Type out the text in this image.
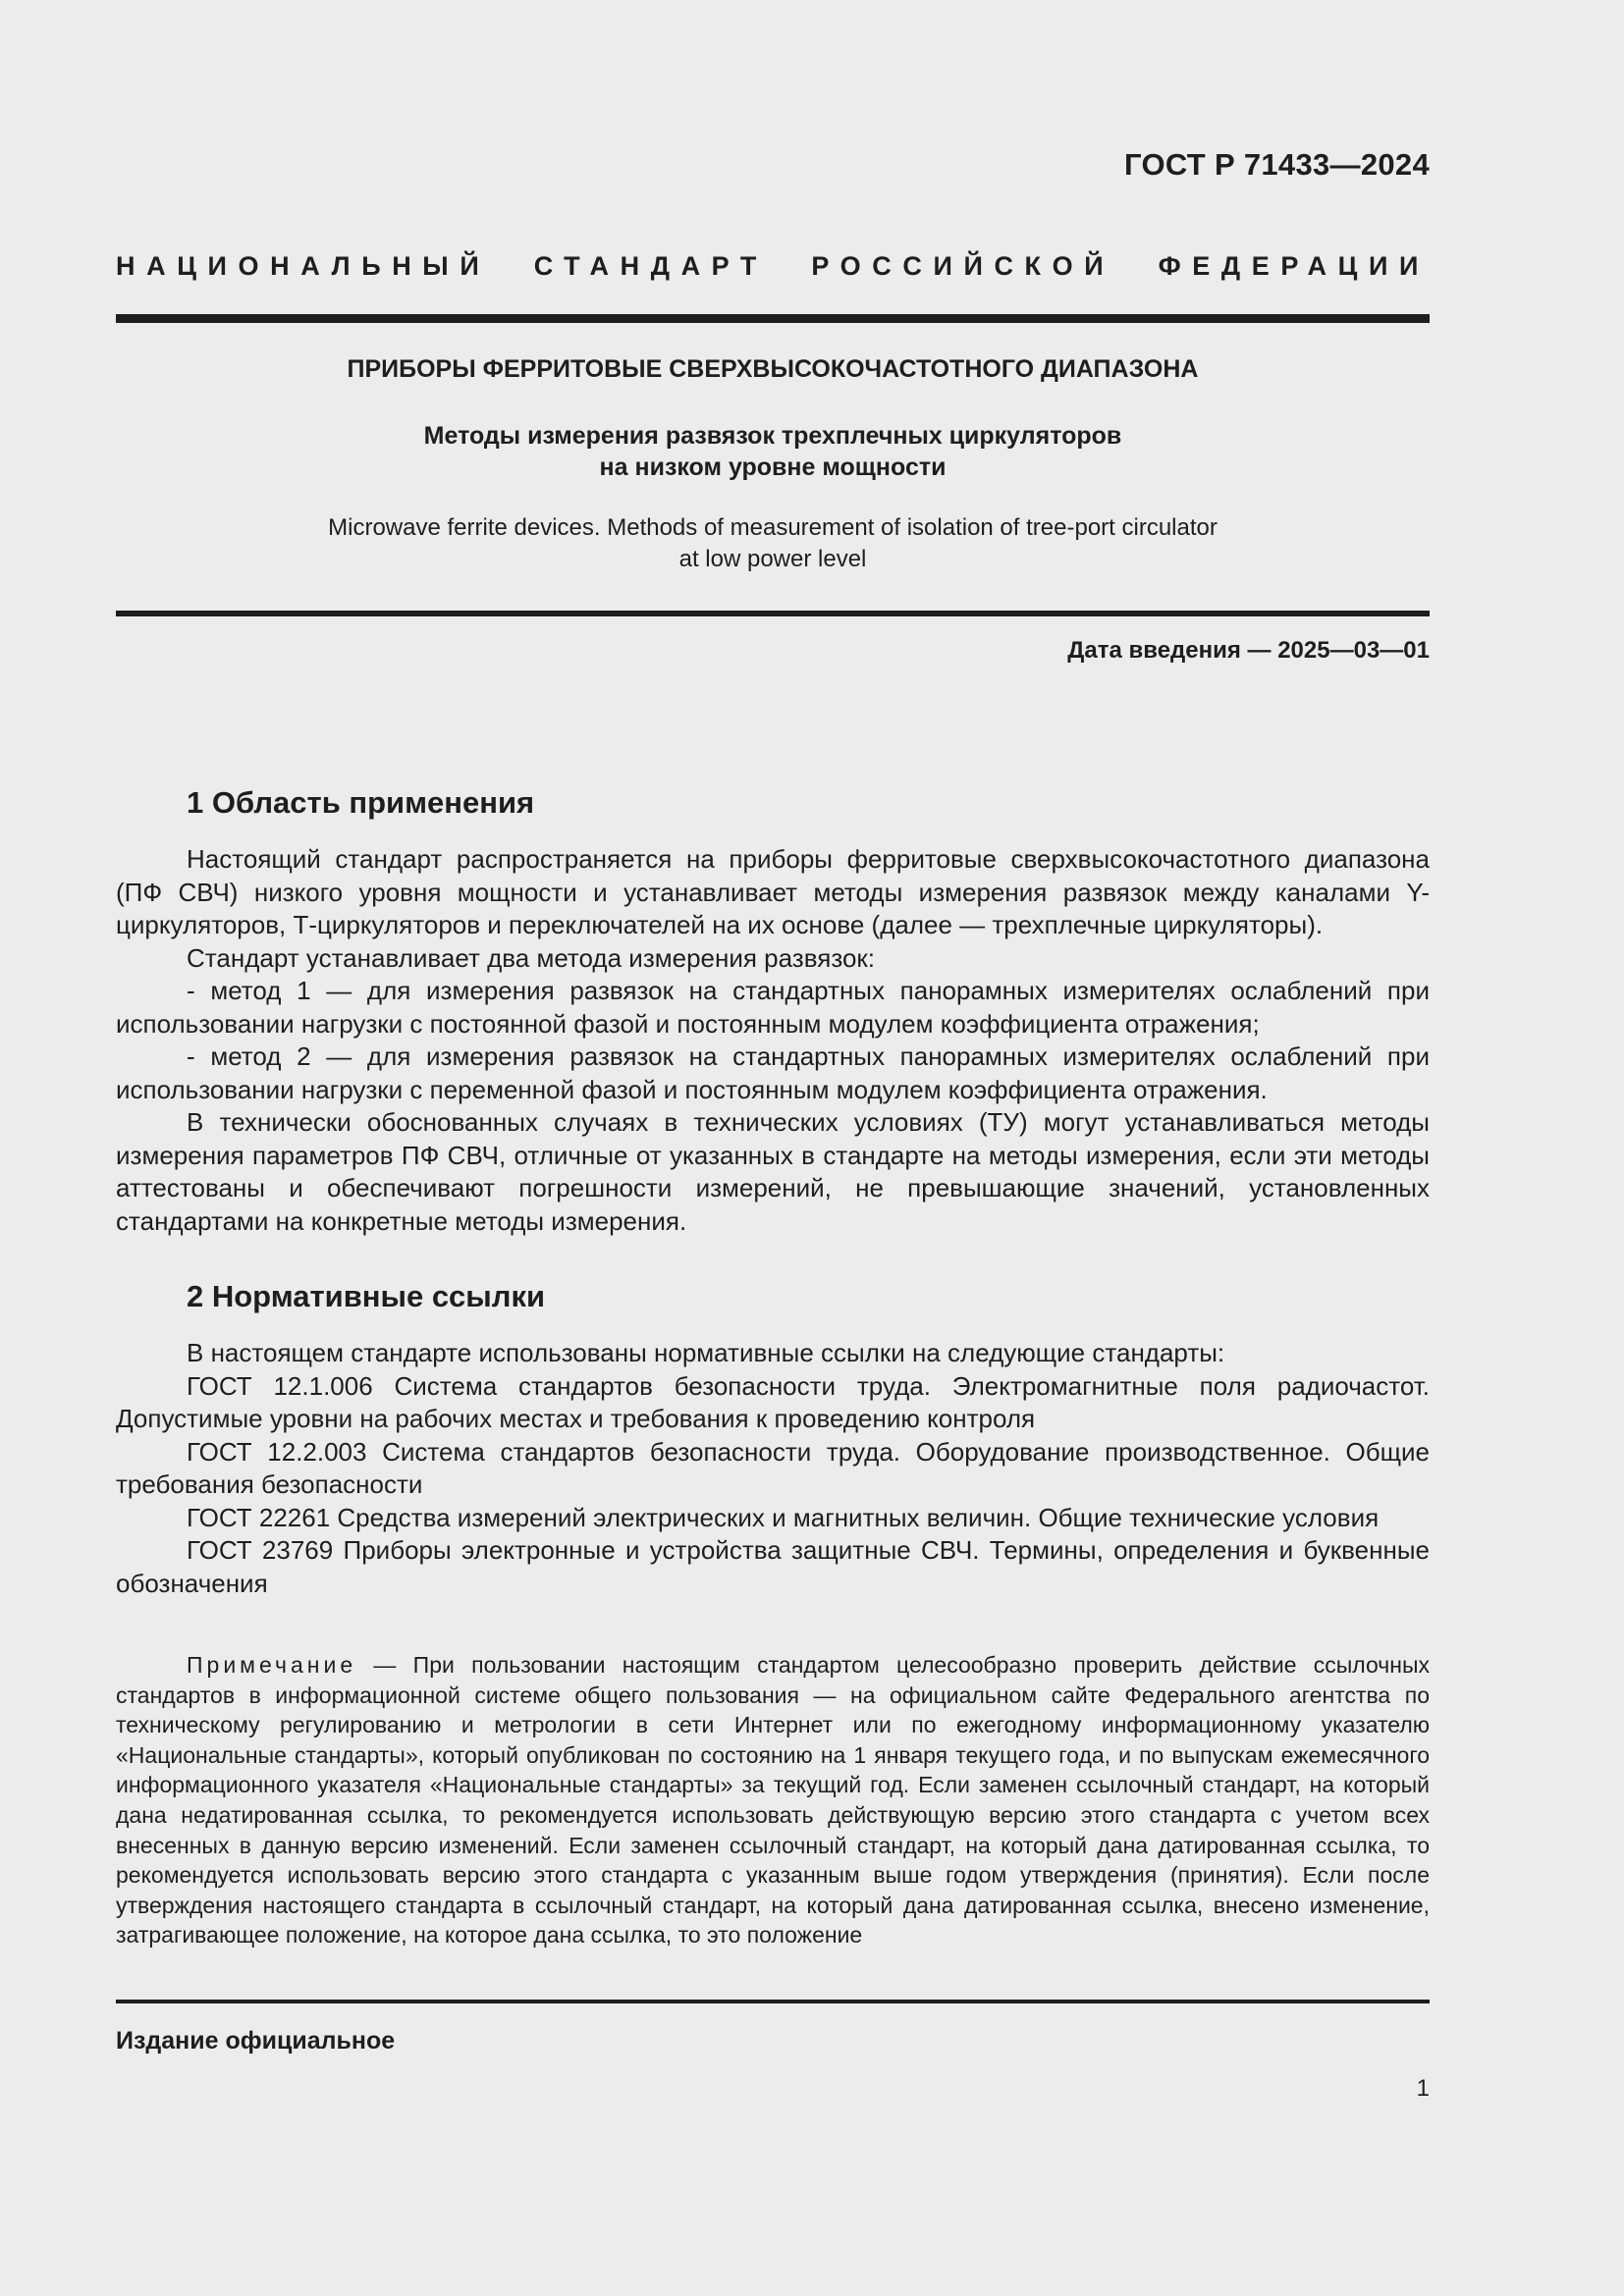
ГОСТ Р 71433—2024
НАЦИОНАЛЬНЫЙ СТАНДАРТ РОССИЙСКОЙ ФЕДЕРАЦИИ
ПРИБОРЫ ФЕРРИТОВЫЕ СВЕРХВЫСОКОЧАСТОТНОГО ДИАПАЗОНА
Методы измерения развязок трехплечных циркуляторов
на низком уровне мощности
Microwave ferrite devices. Methods of measurement of isolation of tree-port circulator
at low power level
Дата введения — 2025—03—01
1 Область применения

Настоящий стандарт распространяется на приборы ферритовые сверхвысокочастотного диапазона (ПФ СВЧ) низкого уровня мощности и устанавливает методы измерения развязок между каналами Y-циркуляторов, Т-циркуляторов и переключателей на их основе (далее — трехплечные циркуляторы).

Стандарт устанавливает два метода измерения развязок:

- метод 1 — для измерения развязок на стандартных панорамных измерителях ослаблений при использовании нагрузки с постоянной фазой и постоянным модулем коэффициента отражения;

- метод 2 — для измерения развязок на стандартных панорамных измерителях ослаблений при использовании нагрузки с переменной фазой и постоянным модулем коэффициента отражения.

В технически обоснованных случаях в технических условиях (ТУ) могут устанавливаться методы измерения параметров ПФ СВЧ, отличные от указанных в стандарте на методы измерения, если эти методы аттестованы и обеспечивают погрешности измерений, не превышающие значений, установленных стандартами на конкретные методы измерения.

2 Нормативные ссылки

В настоящем стандарте использованы нормативные ссылки на следующие стандарты:

ГОСТ 12.1.006 Система стандартов безопасности труда. Электромагнитные поля радиочастот. Допустимые уровни на рабочих местах и требования к проведению контроля

ГОСТ 12.2.003 Система стандартов безопасности труда. Оборудование производственное. Общие требования безопасности

ГОСТ 22261 Средства измерений электрических и магнитных величин. Общие технические условия

ГОСТ 23769 Приборы электронные и устройства защитные СВЧ. Термины, определения и буквенные обозначения

Примечание — При пользовании настоящим стандартом целесообразно проверить действие ссылочных стандартов в информационной системе общего пользования — на официальном сайте Федерального агентства по техническому регулированию и метрологии в сети Интернет или по ежегодному информационному указателю «Национальные стандарты», который опубликован по состоянию на 1 января текущего года, и по выпускам ежемесячного информационного указателя «Национальные стандарты» за текущий год. Если заменен ссылочный стандарт, на который дана недатированная ссылка, то рекомендуется использовать действующую версию этого стандарта с учетом всех внесенных в данную версию изменений. Если заменен ссылочный стандарт, на который дана датированная ссылка, то рекомендуется использовать версию этого стандарта с указанным выше годом утверждения (принятия). Если после утверждения настоящего стандарта в ссылочный стандарт, на который дана датированная ссылка, внесено изменение, затрагивающее положение, на которое дана ссылка, то это положение
Издание официальное
1
